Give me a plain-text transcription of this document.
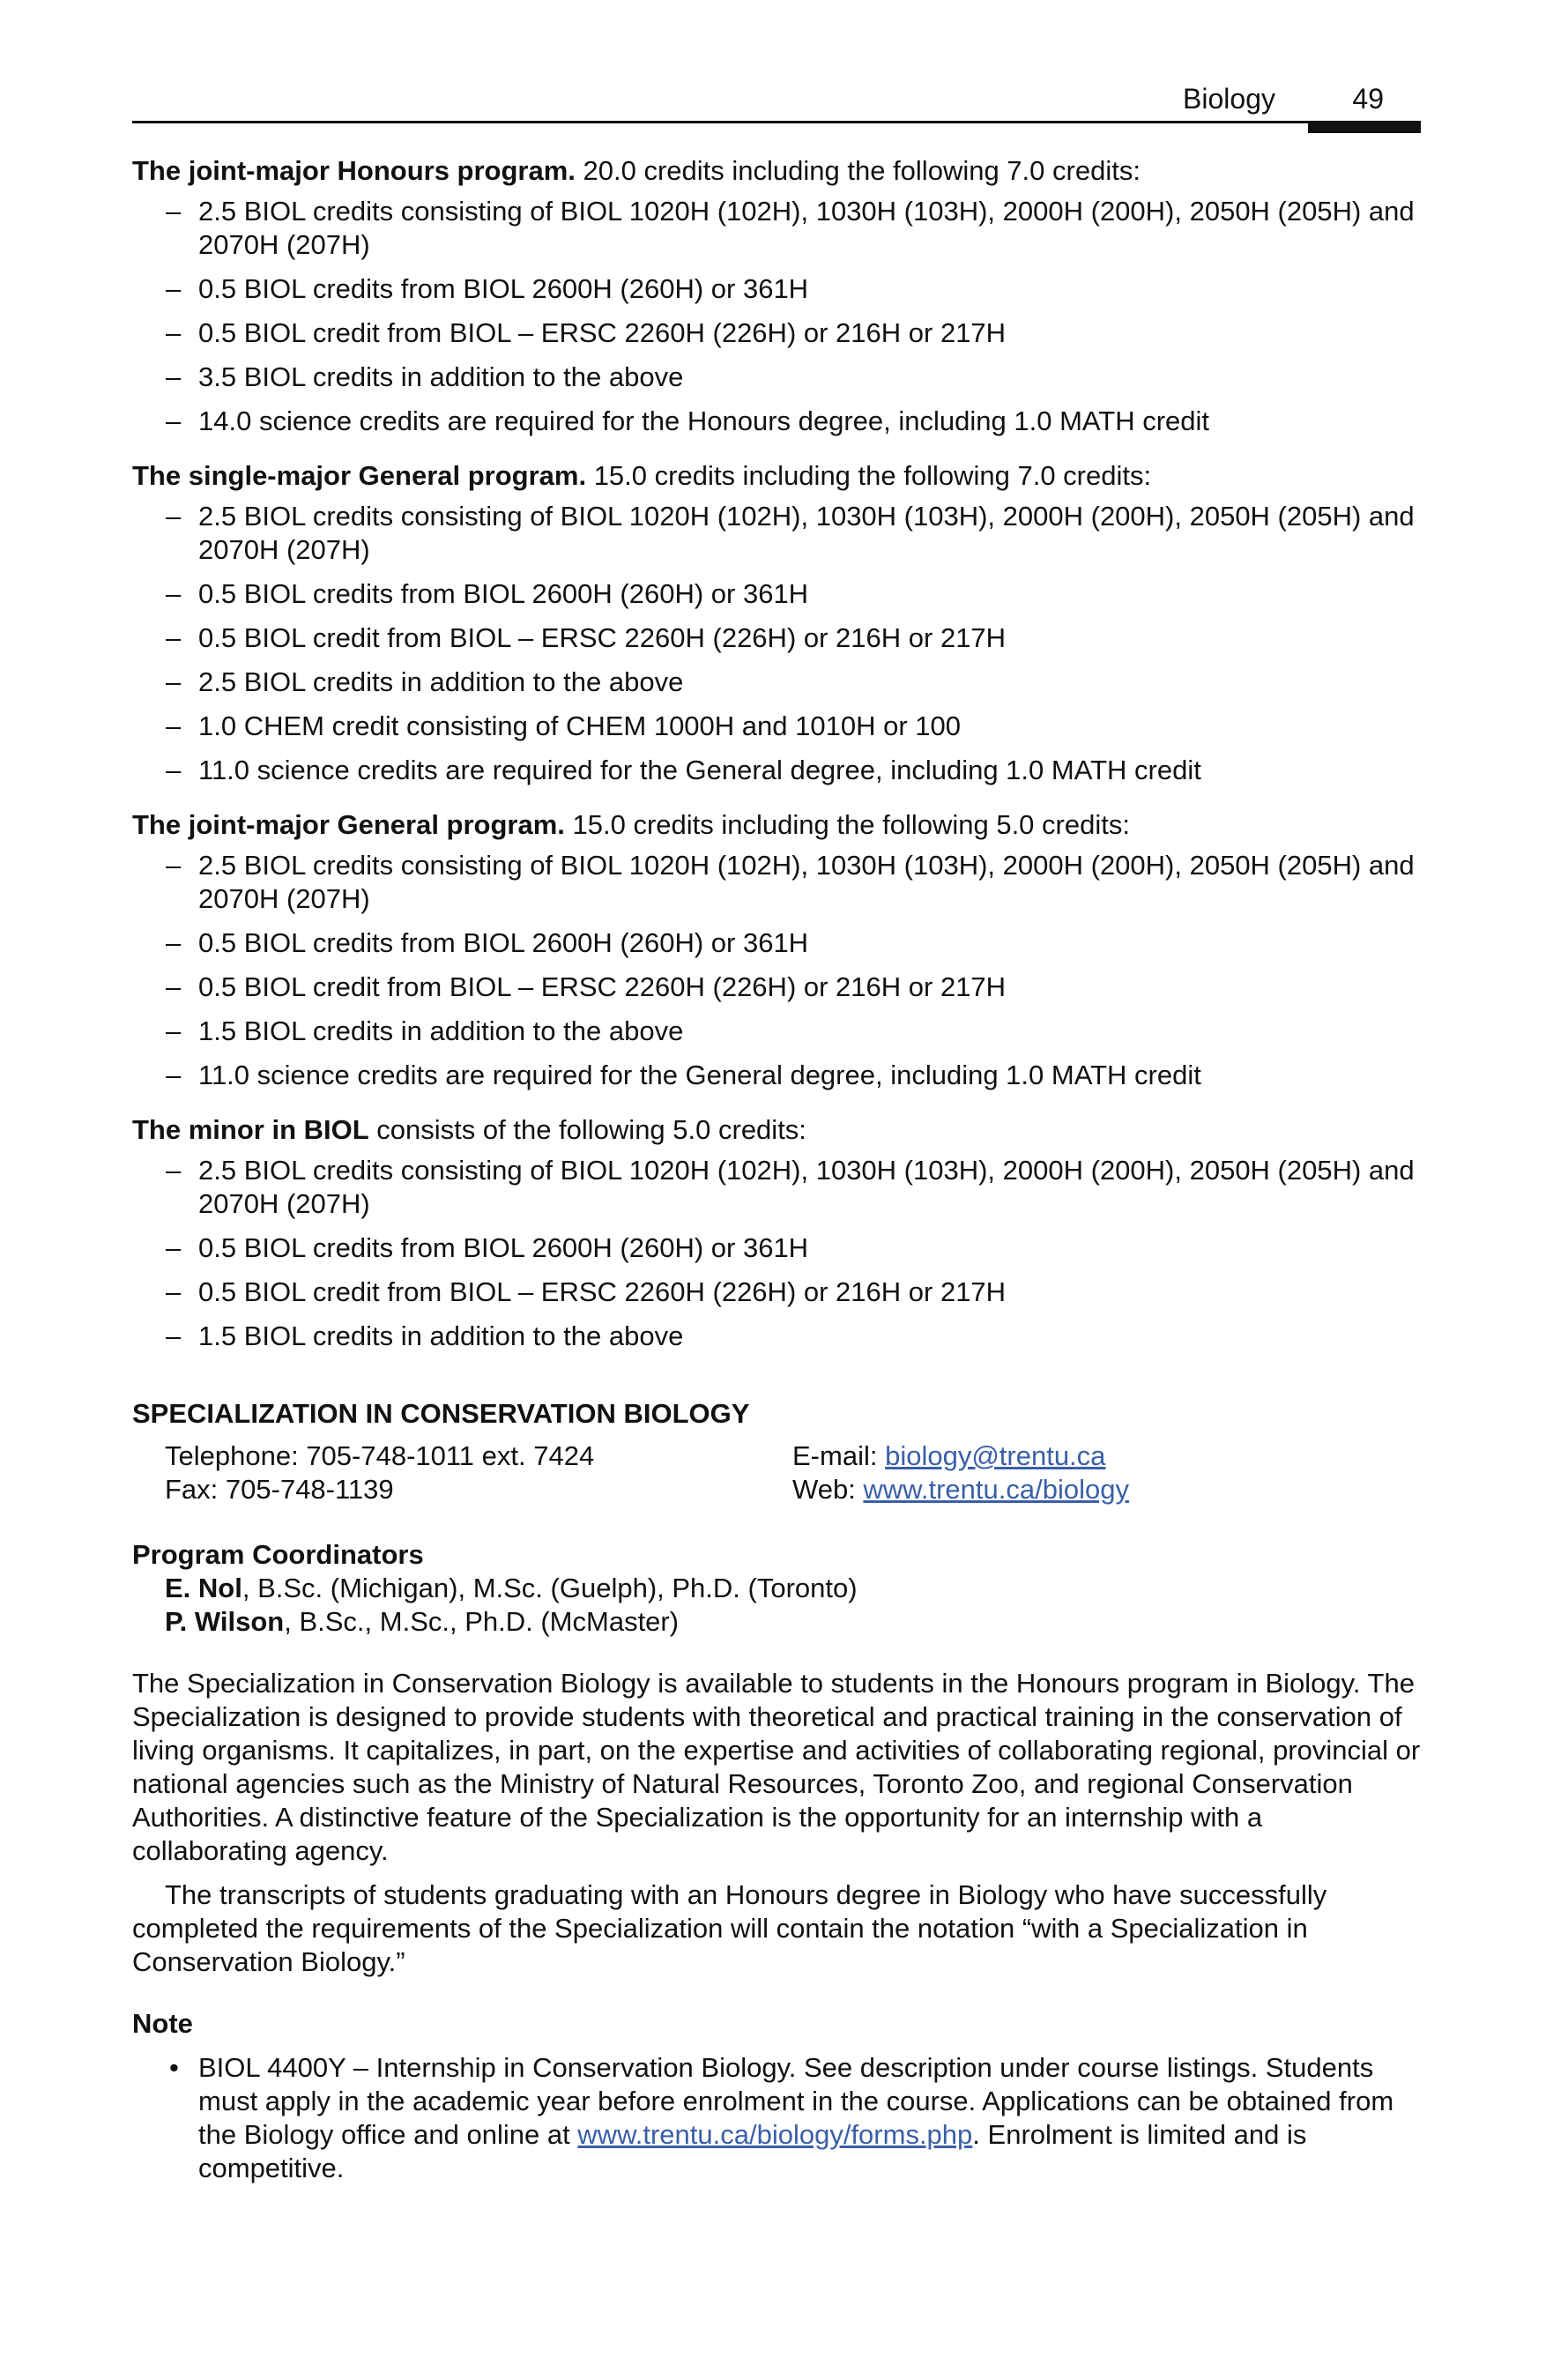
Biology	49
The joint-major Honours program. 20.0 credits including the following 7.0 credits:
– 2.5 BIOL credits consisting of BIOL 1020H (102H), 1030H (103H), 2000H (200H), 2050H (205H) and 2070H (207H)
– 0.5 BIOL credits from BIOL 2600H (260H) or 361H
– 0.5 BIOL credit from BIOL – ERSC 2260H (226H) or 216H or 217H
– 3.5 BIOL credits in addition to the above
– 14.0 science credits are required for the Honours degree, including 1.0 MATH credit
The single-major General program. 15.0 credits including the following 7.0 credits:
– 2.5 BIOL credits consisting of BIOL 1020H (102H), 1030H (103H), 2000H (200H), 2050H (205H) and 2070H (207H)
– 0.5 BIOL credits from BIOL 2600H (260H) or 361H
– 0.5 BIOL credit from BIOL – ERSC 2260H (226H) or 216H or 217H
– 2.5 BIOL credits in addition to the above
– 1.0 CHEM credit consisting of CHEM 1000H and 1010H or 100
– 11.0 science credits are required for the General degree, including 1.0 MATH credit
The joint-major General program. 15.0 credits including the following 5.0 credits:
– 2.5 BIOL credits consisting of BIOL 1020H (102H), 1030H (103H), 2000H (200H), 2050H (205H) and 2070H (207H)
– 0.5 BIOL credits from BIOL 2600H (260H) or 361H
– 0.5 BIOL credit from BIOL – ERSC 2260H (226H) or 216H or 217H
– 1.5 BIOL credits in addition to the above
– 11.0 science credits are required for the General degree, including 1.0 MATH credit
The minor in BIOL consists of the following 5.0 credits:
– 2.5 BIOL credits consisting of BIOL 1020H (102H), 1030H (103H), 2000H (200H), 2050H (205H) and 2070H (207H)
– 0.5 BIOL credits from BIOL 2600H (260H) or 361H
– 0.5 BIOL credit from BIOL – ERSC 2260H (226H) or 216H or 217H
– 1.5 BIOL credits in addition to the above
SPECIALIZATION IN CONSERVATION BIOLOGY
Telephone: 705-748-1011 ext. 7424
Fax: 705-748-1139
E-mail: biology@trentu.ca
Web: www.trentu.ca/biology
Program Coordinators
E. Nol, B.Sc. (Michigan), M.Sc. (Guelph), Ph.D. (Toronto)
P. Wilson, B.Sc., M.Sc., Ph.D. (McMaster)
The Specialization in Conservation Biology is available to students in the Honours program in Biology. The Specialization is designed to provide students with theoretical and practical training in the conservation of living organisms. It capitalizes, in part, on the expertise and activities of collaborating regional, provincial or national agencies such as the Ministry of Natural Resources, Toronto Zoo, and regional Conservation Authorities. A distinctive feature of the Specialization is the opportunity for an internship with a collaborating agency.
The transcripts of students graduating with an Honours degree in Biology who have successfully completed the requirements of the Specialization will contain the notation “with a Specialization in Conservation Biology.”
Note
• BIOL 4400Y – Internship in Conservation Biology. See description under course listings. Students must apply in the academic year before enrolment in the course. Applications can be obtained from the Biology office and online at www.trentu.ca/biology/forms.php. Enrolment is limited and is competitive.
